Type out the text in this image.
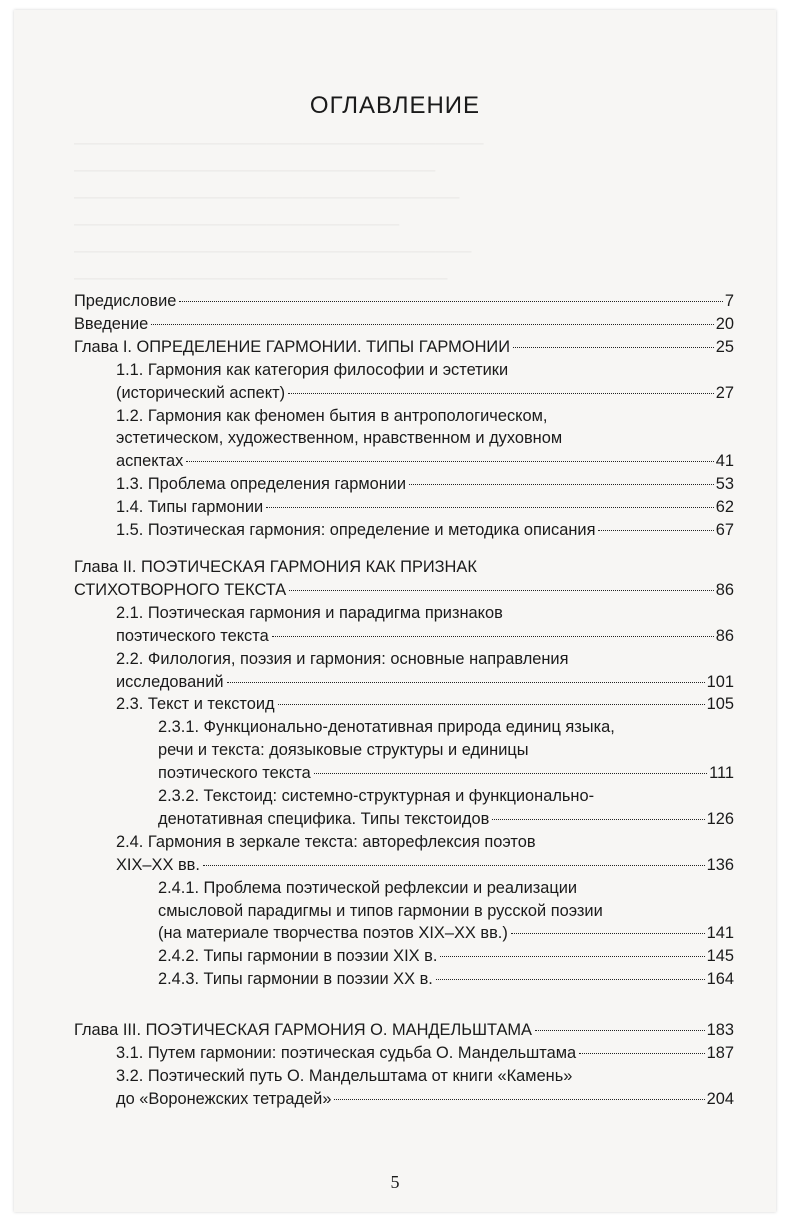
──────────────────────────────────
──────────────────────────────
────────────────────────────────
───────────────────────────
─────────────────────────────────
───────────────────────────────

ОГЛАВЛЕНИЕ
Предисловие	7
Введение	20
Глава I. ОПРЕДЕЛЕНИЕ ГАРМОНИИ. ТИПЫ ГАРМОНИИ	25
1.1. Гармония как категория философии и эстетики
(исторический аспект)	27
1.2. Гармония как феномен бытия в антропологическом,
эстетическом, художественном, нравственном и духовном
аспектах	41
1.3. Проблема определения гармонии	53
1.4. Типы гармонии	62
1.5. Поэтическая гармония: определение и методика описания	67
Глава II. ПОЭТИЧЕСКАЯ ГАРМОНИЯ КАК ПРИЗНАК
СТИХОТВОРНОГО ТЕКСТА	86
2.1. Поэтическая гармония и парадигма признаков
поэтического текста	86
2.2. Филология, поэзия и гармония: основные направления
исследований	101
2.3. Текст и текстоид	105
2.3.1. Функционально-денотативная природа единиц языка,
речи и текста: доязыковые структуры и единицы
поэтического текста	111
2.3.2. Текстоид: системно-структурная и функционально-
денотативная специфика. Типы текстоидов	126
2.4. Гармония в зеркале текста: авторефлексия поэтов
XIX–XX вв.	136
2.4.1. Проблема поэтической рефлексии и реализации
смысловой парадигмы и типов гармонии в русской поэзии
(на материале творчества поэтов XIX–XX вв.)	141
2.4.2. Типы гармонии в поэзии XIX в.	145
2.4.3. Типы гармонии в поэзии XX в.	164
Глава III. ПОЭТИЧЕСКАЯ ГАРМОНИЯ О. МАНДЕЛЬШТАМА	183
3.1. Путем гармонии: поэтическая судьба О. Мандельштама	187
3.2. Поэтический путь О. Мандельштама от книги «Камень»
до «Воронежских тетрадей»	204
5
